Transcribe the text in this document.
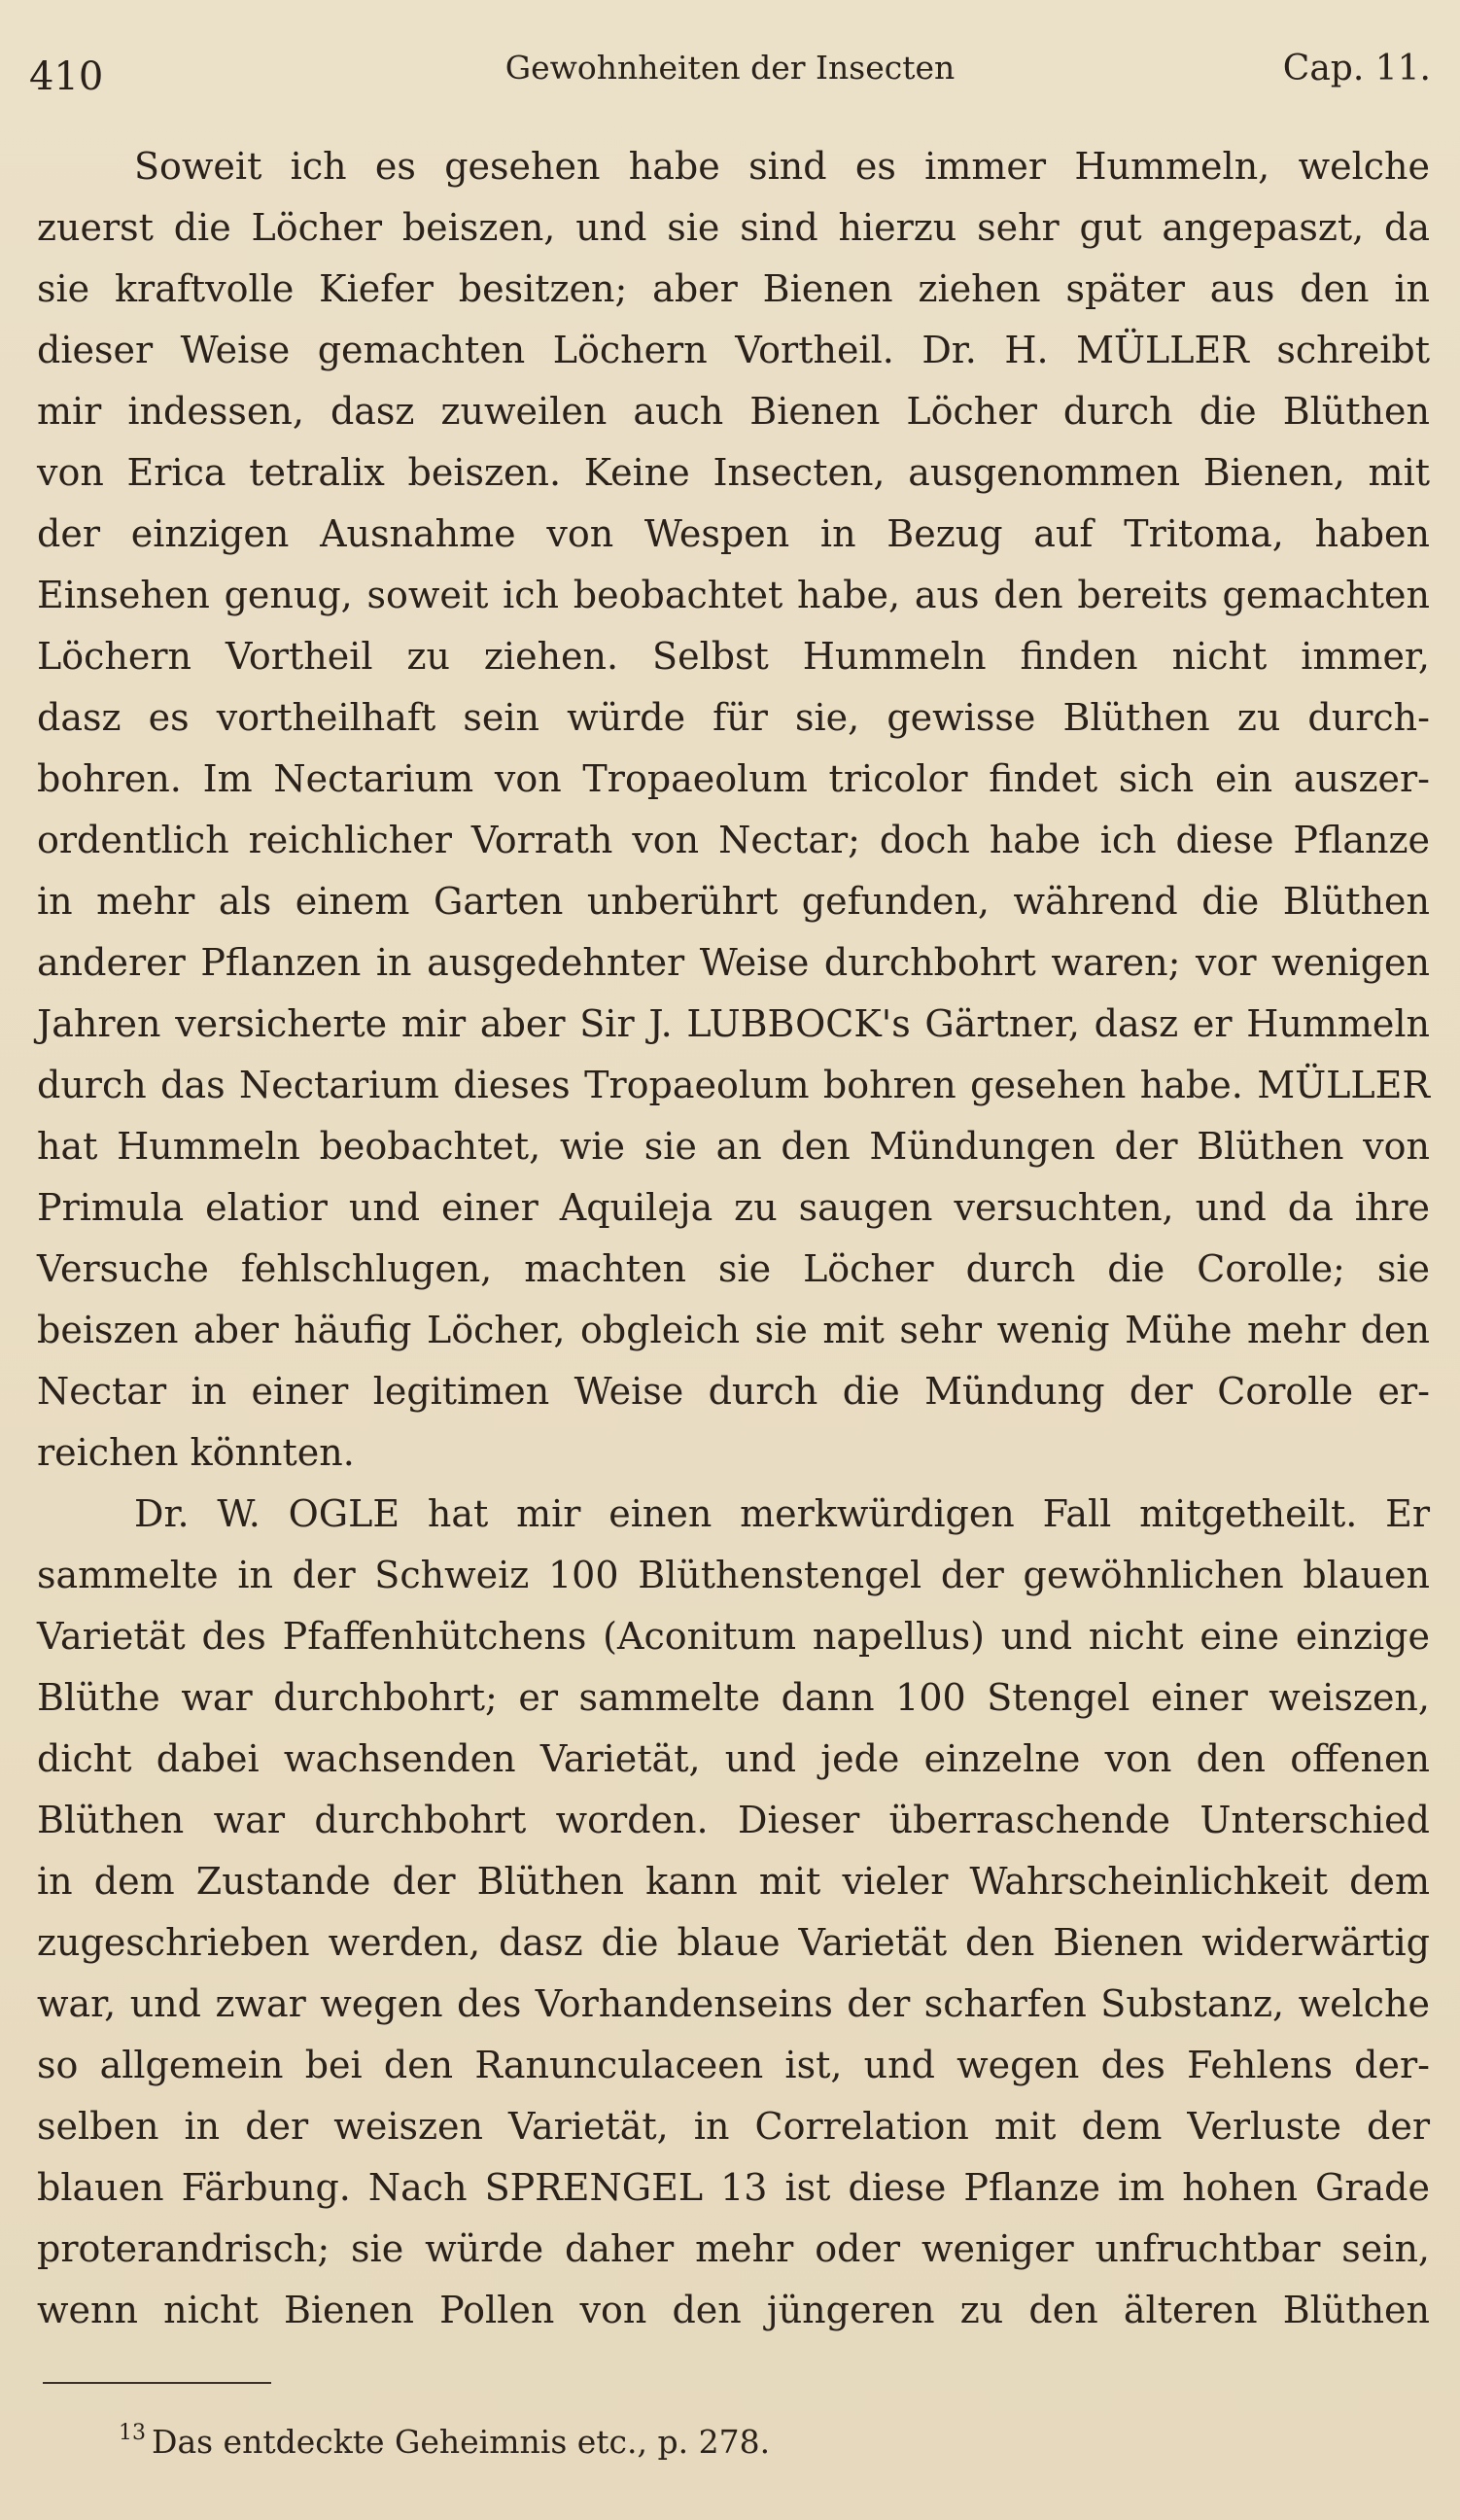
410	Gewohnheiten der Insecten	Cap. 11.
Soweit ich es gesehen habe sind es immer Hummeln, welche
zuerst die Löcher beiszen, und sie sind hierzu sehr gut angepaszt, da
sie kraftvolle Kiefer besitzen; aber Bienen ziehen später aus den in
dieser Weise gemachten Löchern Vortheil. Dr. H. MÜLLER schreibt
mir indessen, dasz zuweilen auch Bienen Löcher durch die Blüthen
von Erica tetralix beiszen. Keine Insecten, ausgenommen Bienen, mit
der einzigen Ausnahme von Wespen in Bezug auf Tritoma, haben
Einsehen genug, soweit ich beobachtet habe, aus den bereits gemachten
Löchern Vortheil zu ziehen. Selbst Hummeln finden nicht immer,
dasz es vortheilhaft sein würde für sie, gewisse Blüthen zu durch-
bohren. Im Nectarium von Tropaeolum tricolor findet sich ein auszer-
ordentlich reichlicher Vorrath von Nectar; doch habe ich diese Pflanze
in mehr als einem Garten unberührt gefunden, während die Blüthen
anderer Pflanzen in ausgedehnter Weise durchbohrt waren; vor wenigen
Jahren versicherte mir aber Sir J. LUBBOCK's Gärtner, dasz er Hummeln
durch das Nectarium dieses Tropaeolum bohren gesehen habe. MÜLLER
hat Hummeln beobachtet, wie sie an den Mündungen der Blüthen von
Primula elatior und einer Aquileja zu saugen versuchten, und da ihre
Versuche fehlschlugen, machten sie Löcher durch die Corolle; sie
beiszen aber häufig Löcher, obgleich sie mit sehr wenig Mühe mehr den
Nectar in einer legitimen Weise durch die Mündung der Corolle er-
reichen könnten.
Dr. W. OGLE hat mir einen merkwürdigen Fall mitgetheilt. Er
sammelte in der Schweiz 100 Blüthenstengel der gewöhnlichen blauen
Varietät des Pfaffenhütchens (Aconitum napellus) und nicht eine einzige
Blüthe war durchbohrt; er sammelte dann 100 Stengel einer weiszen,
dicht dabei wachsenden Varietät, und jede einzelne von den offenen
Blüthen war durchbohrt worden. Dieser überraschende Unterschied
in dem Zustande der Blüthen kann mit vieler Wahrscheinlichkeit dem
zugeschrieben werden, dasz die blaue Varietät den Bienen widerwärtig
war, und zwar wegen des Vorhandenseins der scharfen Substanz, welche
so allgemein bei den Ranunculaceen ist, und wegen des Fehlens der-
selben in der weiszen Varietät, in Correlation mit dem Verluste der
blauen Färbung. Nach SPRENGEL 13 ist diese Pflanze im hohen Grade
proterandrisch; sie würde daher mehr oder weniger unfruchtbar sein,
wenn nicht Bienen Pollen von den jüngeren zu den älteren Blüthen
$^{13}$ Das entdeckte Geheimnis etc., p. 278.
